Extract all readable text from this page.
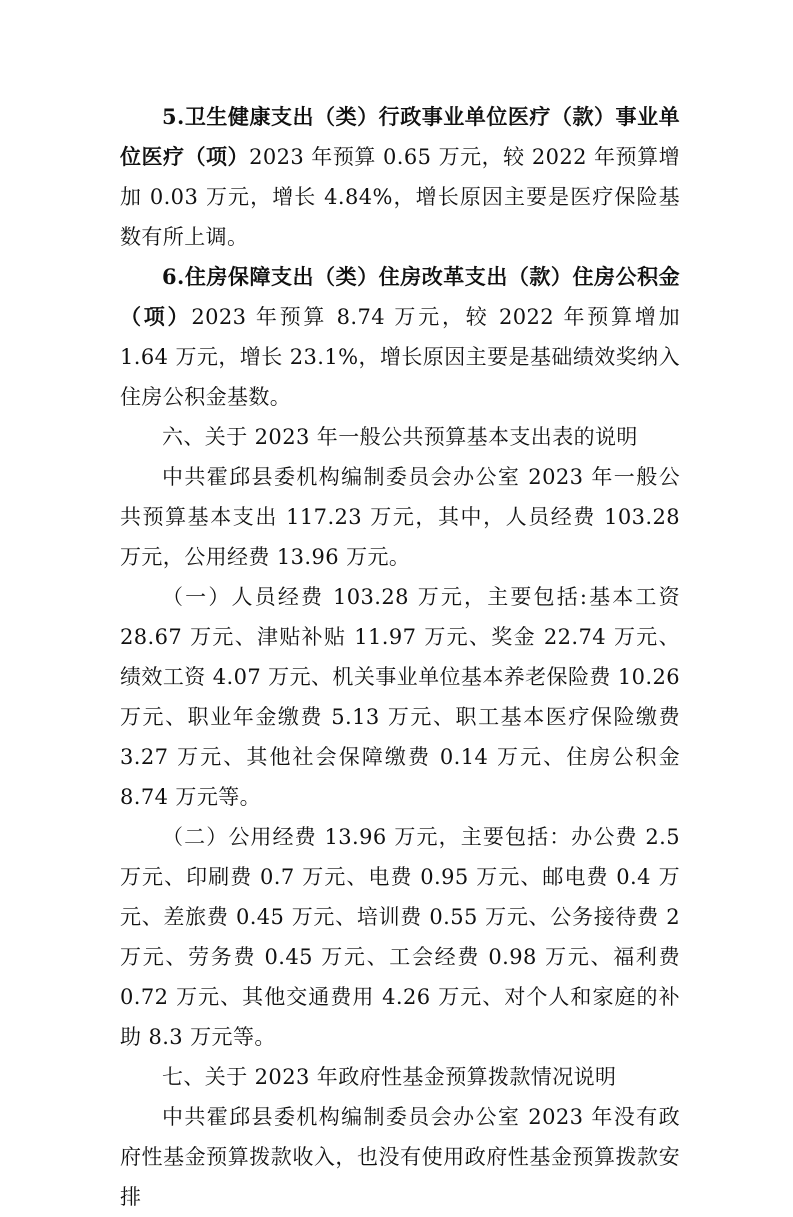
5.卫生健康支出（类）行政事业单位医疗（款）事业单位医疗（项）2023 年预算 0.65 万元，较 2022 年预算增加 0.03 万元，增长 4.84%，增长原因主要是医疗保险基数有所上调。

6.住房保障支出（类）住房改革支出（款）住房公积金（项）2023 年预算 8.74 万元，较 2022 年预算增加 1.64 万元，增长 23.1%，增长原因主要是基础绩效奖纳入住房公积金基数。

六、关于 2023 年一般公共预算基本支出表的说明

中共霍邱县委机构编制委员会办公室 2023 年一般公共预算基本支出 117.23 万元，其中，人员经费 103.28 万元，公用经费 13.96 万元。

（一）人员经费 103.28 万元，主要包括:基本工资 28.67 万元、津贴补贴 11.97 万元、奖金 22.74 万元、绩效工资 4.07 万元、机关事业单位基本养老保险费 10.26 万元、职业年金缴费 5.13 万元、职工基本医疗保险缴费 3.27 万元、其他社会保障缴费 0.14 万元、住房公积金 8.74 万元等。

（二）公用经费 13.96 万元，主要包括：办公费 2.5 万元、印刷费 0.7 万元、电费 0.95 万元、邮电费 0.4 万元、差旅费 0.45 万元、培训费 0.55 万元、公务接待费 2 万元、劳务费 0.45 万元、工会经费 0.98 万元、福利费 0.72 万元、其他交通费用 4.26 万元、对个人和家庭的补助 8.3 万元等。

七、关于 2023 年政府性基金预算拨款情况说明

中共霍邱县委机构编制委员会办公室 2023 年没有政府性基金预算拨款收入，也没有使用政府性基金预算拨款安排
